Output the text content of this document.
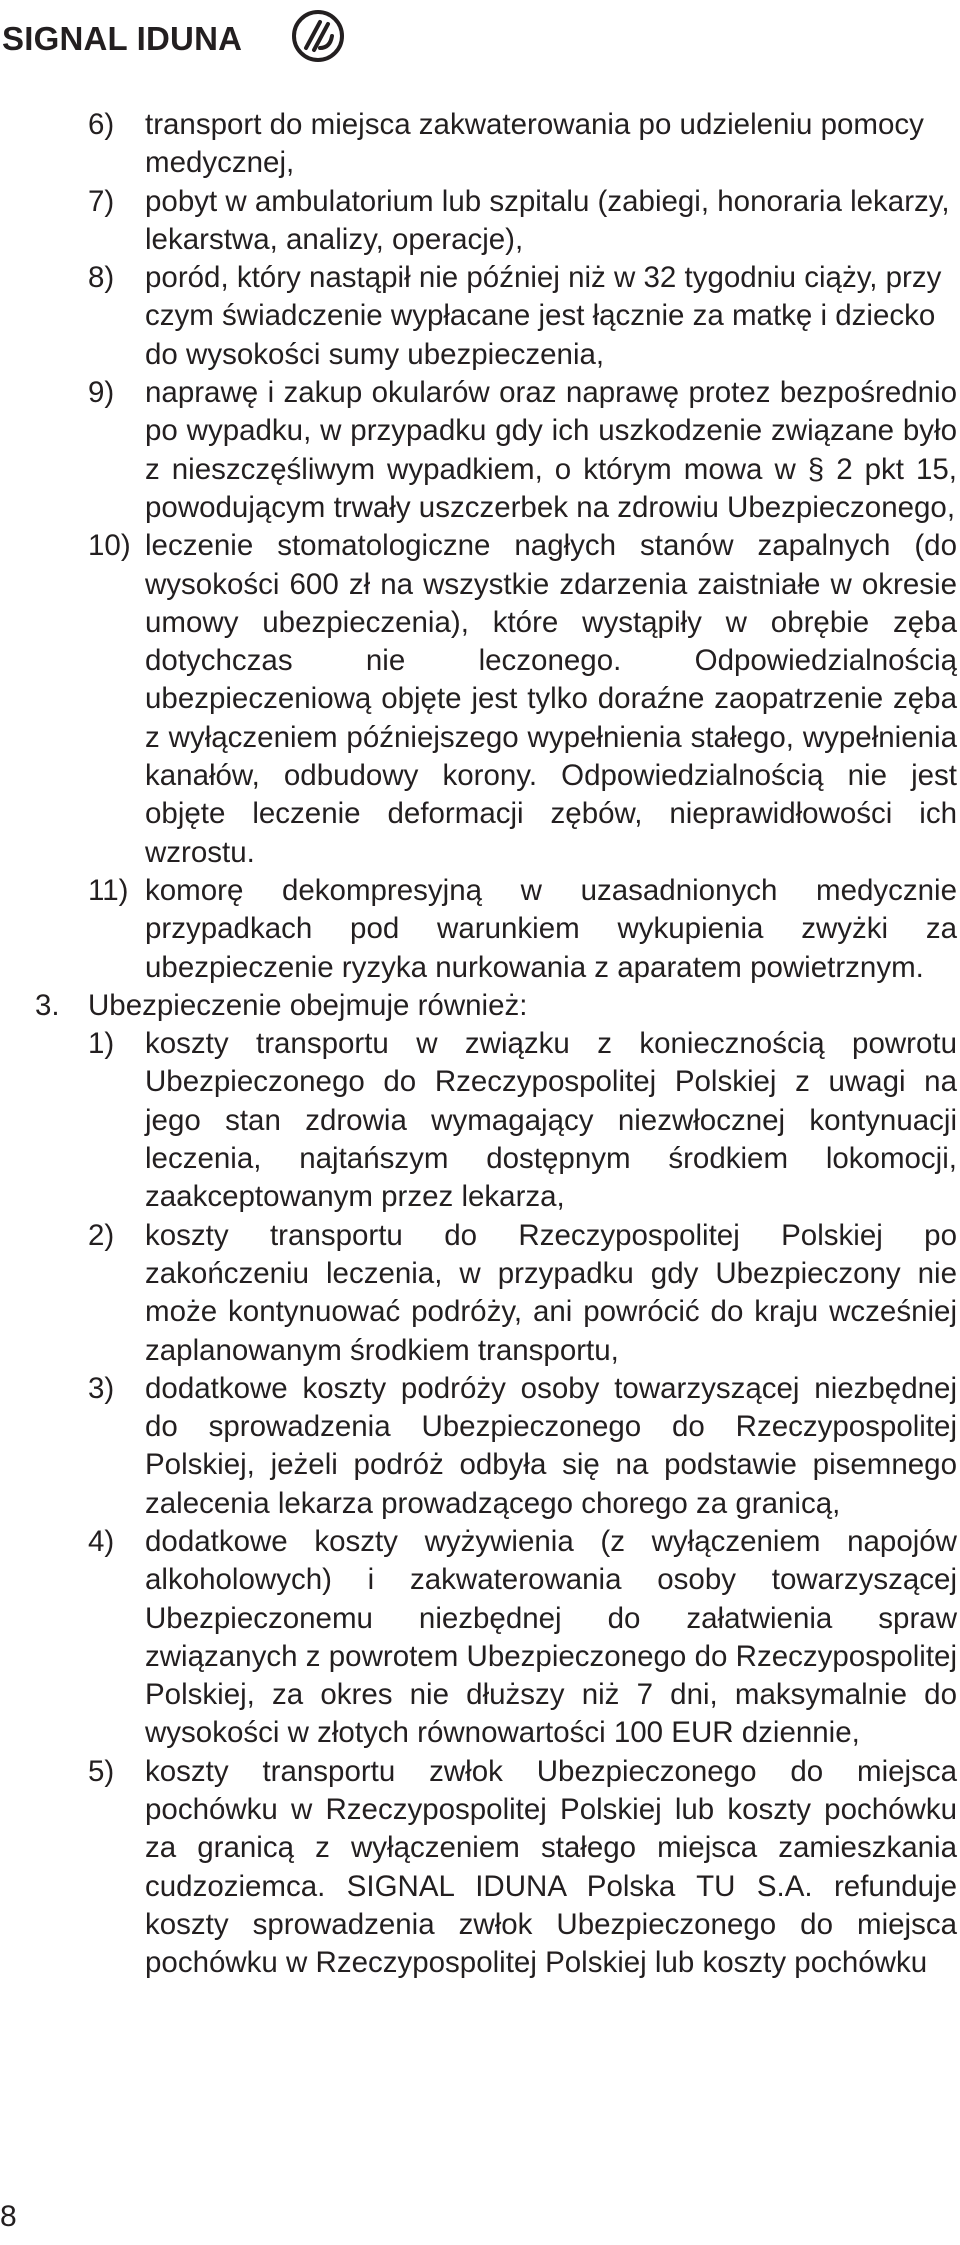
SIGNAL IDUNA
6) transport do miejsca zakwaterowania po udzieleniu pomocy medycznej,
7) pobyt w ambulatorium lub szpitalu (zabiegi, honoraria lekarzy, lekarstwa, analizy, operacje),
8) poród, który nastąpił nie później niż w 32 tygodniu ciąży, przy czym świadczenie wypłacane jest łącznie za matkę i dziecko do wysokości sumy ubezpieczenia,
9) naprawę i zakup okularów oraz naprawę protez bezpośrednio po wypadku, w przypadku gdy ich uszkodzenie związane było z nieszczęśliwym wypadkiem, o którym mowa w § 2 pkt 15, powodującym trwały uszczerbek na zdrowiu Ubezpieczonego,
10) leczenie stomatologiczne nagłych stanów zapalnych (do wysokości 600 zł na wszystkie zdarzenia zaistniałe w okresie umowy ubezpieczenia), które wystąpiły w obrębie zęba dotychczas nie leczonego. Odpowiedzialnością ubezpieczeniową objęte jest tylko doraźne zaopatrzenie zęba z wyłączeniem późniejszego wypełnienia stałego, wypełnienia kanałów, odbudowy korony. Odpowiedzialnością nie jest objęte leczenie deformacji zębów, nieprawidłowości ich wzrostu.
11) komorę dekompresyjną w uzasadnionych medycznie przypadkach pod warunkiem wykupienia zwyżki za ubezpieczenie ryzyka nurkowania z aparatem powietrznym.
3. Ubezpieczenie obejmuje również:
1) koszty transportu w związku z koniecznością powrotu Ubezpieczonego do Rzeczypospolitej Polskiej z uwagi na jego stan zdrowia wymagający niezwłocznej kontynuacji leczenia, najtańszym dostępnym środkiem lokomocji, zaakceptowanym przez lekarza,
2) koszty transportu do Rzeczypospolitej Polskiej po zakończeniu leczenia, w przypadku gdy Ubezpieczony nie może kontynuować podróży, ani powrócić do kraju wcześniej zaplanowanym środkiem transportu,
3) dodatkowe koszty podróży osoby towarzyszącej niezbędnej do sprowadzenia Ubezpieczonego do Rzeczypospolitej Polskiej, jeżeli podróż odbyła się na podstawie pisemnego zalecenia lekarza prowadzącego chorego za granicą,
4) dodatkowe koszty wyżywienia (z wyłączeniem napojów alkoholowych) i zakwaterowania osoby towarzyszącej Ubezpieczonemu niezbędnej do załatwienia spraw związanych z powrotem Ubezpieczonego do Rzeczypospolitej Polskiej, za okres nie dłuższy niż 7 dni, maksymalnie do wysokości w złotych równowartości 100 EUR dziennie,
5) koszty transportu zwłok Ubezpieczonego do miejsca pochówku w Rzeczypospolitej Polskiej lub koszty pochówku za granicą z wyłączeniem stałego miejsca zamieszkania cudzoziemca. SIGNAL IDUNA Polska TU S.A. refunduje koszty sprowadzenia zwłok Ubezpieczonego do miejsca pochówku w Rzeczypospolitej Polskiej lub koszty pochówku
8
